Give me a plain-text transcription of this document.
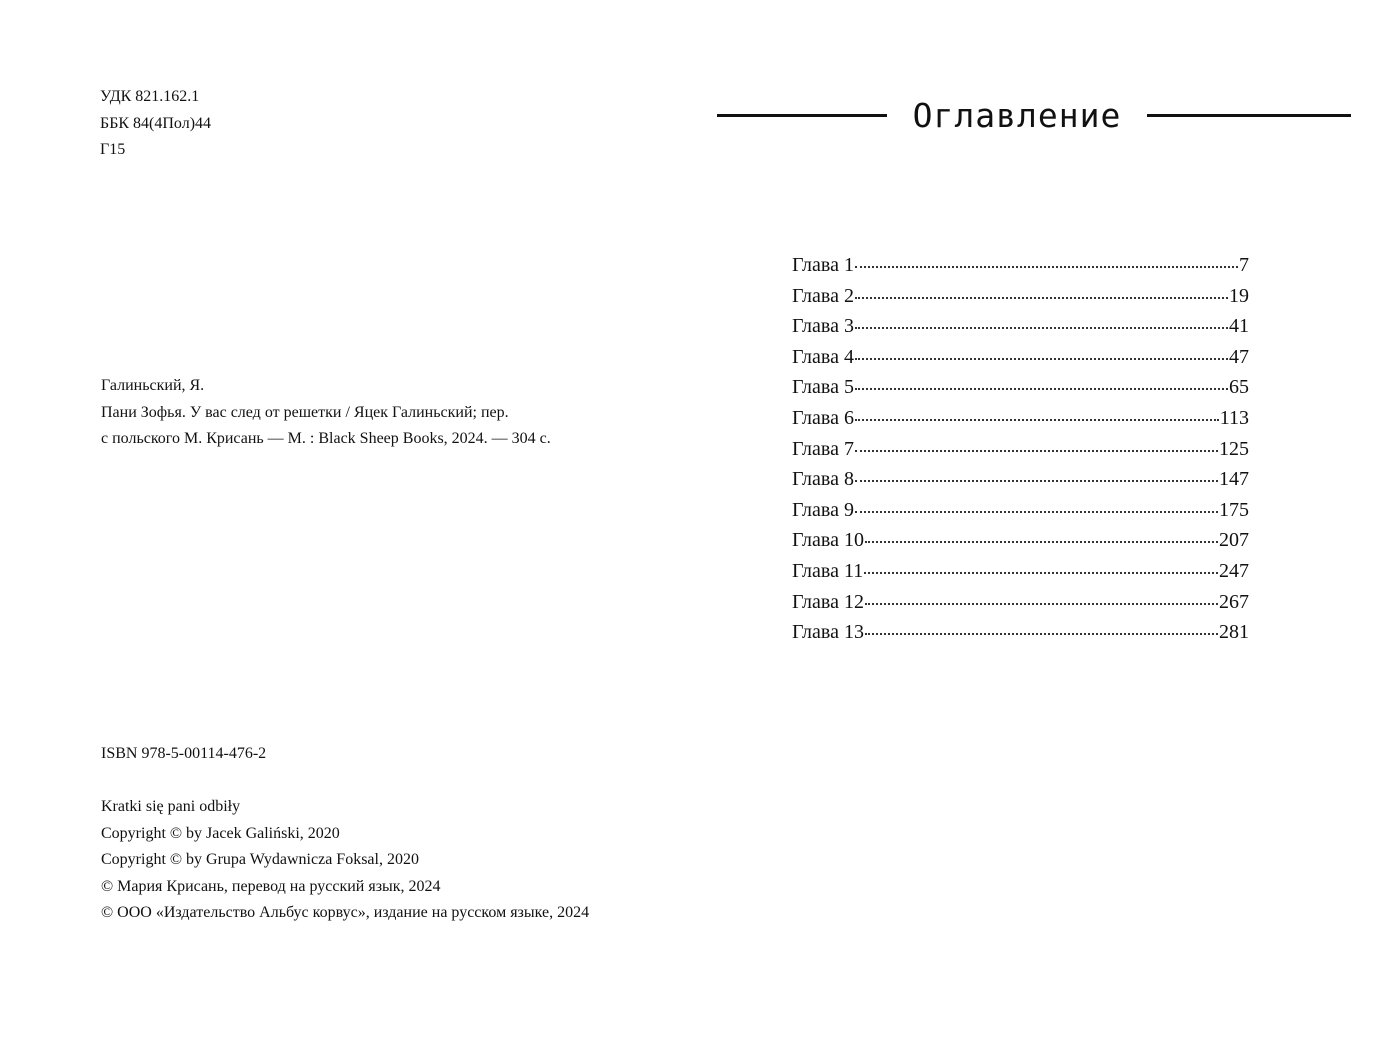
УДК 821.162.1
ББК 84(4Пол)44
Г15
Галиньский, Я.
Пани Зофья. У вас след от решетки / Яцек Галиньский; пер.
с польского М. Крисань — М. : Black Sheep Books, 2024. — 304 с.
ISBN 978-5-00114-476-2
Kratki się pani odbiły
Copyright © by Jacek Galiński, 2020
Copyright © by Grupa Wydawnicza Foksal, 2020
© Мария Крисань, перевод на русский язык, 2024
© ООО «Издательство Альбус корвус», издание на русском языке, 2024
Оглавление
Глава 1	7
Глава 2	19
Глава 3	41
Глава 4	47
Глава 5	65
Глава 6	113
Глава 7	125
Глава 8	147
Глава 9	175
Глава 10	207
Глава 11	247
Глава 12	267
Глава 13	281
